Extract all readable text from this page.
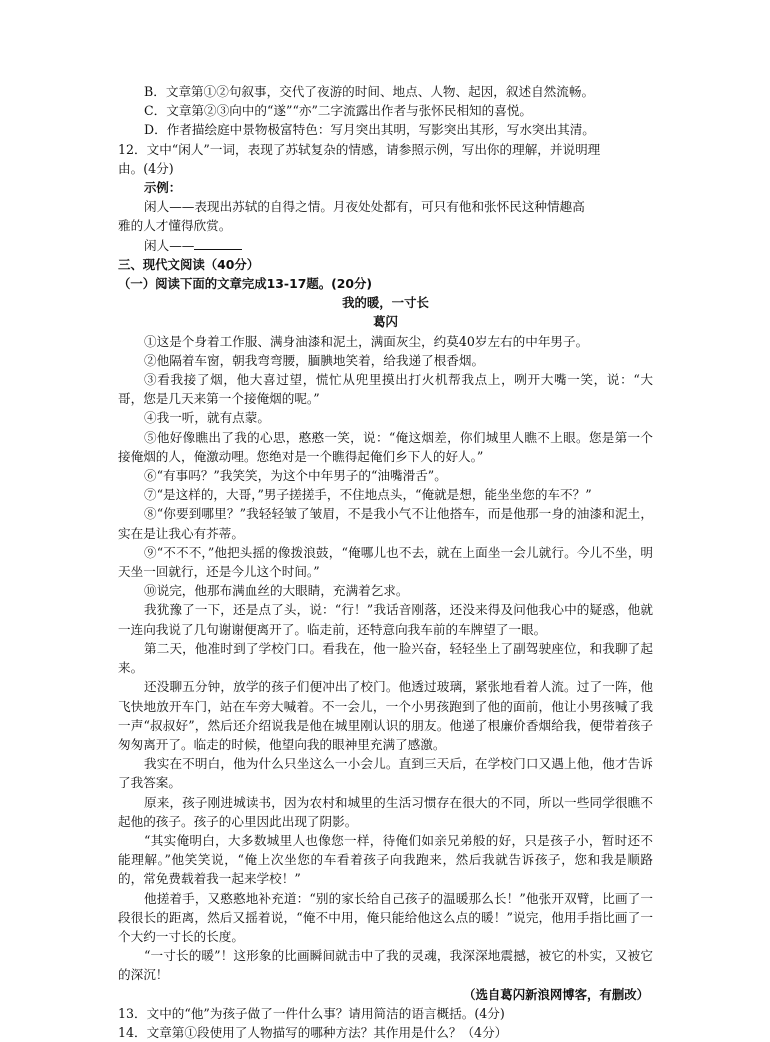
B．文章第①②句叙事，交代了夜游的时间、地点、人物、起因，叙述自然流畅。

C．文章第②③向中的“遂”“亦”二字流露出作者与张怀民相知的喜悦。

D．作者描绘庭中景物极富特色：写月突出其明，写影突出其形，写水突出其清。

12．文中“闲人”一词，表现了苏轼复杂的情感，请参照示例，写出你的理解，并说明理

由。(4分)

示例：

闲人——表现出苏轼的自得之情。月夜处处都有，可只有他和张怀民这种情趣高

雅的人才懂得欣赏。

闲人——

三、现代文阅读（40分）

（一）阅读下面的文章完成13-17题。(20分)

我的暖，一寸长

葛闪

①这是个身着工作服、满身油漆和泥土，满面灰尘，约莫40岁左右的中年男子。

②他隔着车窗，朝我弯弯腰，腼腆地笑着，给我递了根香烟。

③看我接了烟，他大喜过望，慌忙从兜里摸出打火机帮我点上，咧开大嘴一笑，说：“大哥，您是几天来第一个接俺烟的呢。”

④我一听，就有点蒙。

⑤他好像瞧出了我的心思，憨憨一笑，说：“俺这烟差，你们城里人瞧不上眼。您是第一个接俺烟的人，俺激动哩。您绝对是一个瞧得起俺们乡下人的好人。”

⑥“有事吗？”我笑笑，为这个中年男子的“油嘴滑舌”。

⑦“是这样的，大哥，”男子搓搓手，不住地点头，“俺就是想，能坐坐您的车不？”

⑧“你要到哪里？”我轻轻皱了皱眉，不是我小气不让他搭车，而是他那一身的油漆和泥土，实在是让我心有芥蒂。

⑨“不不不，”他把头摇的像拨浪鼓，“俺哪儿也不去，就在上面坐一会儿就行。今儿不坐，明天坐一回就行，还是今儿这个时间。”

⑩说完，他那布满血丝的大眼睛，充满着乞求。

我犹豫了一下，还是点了头，说：“行！”我话音刚落，还没来得及问他我心中的疑惑，他就一连向我说了几句谢谢便离开了。临走前，还特意向我车前的车牌望了一眼。

第二天，他准时到了学校门口。看我在，他一脸兴奋，轻轻坐上了副驾驶座位，和我聊了起来。

还没聊五分钟，放学的孩子们便冲出了校门。他透过玻璃，紧张地看着人流。过了一阵，他飞快地放开车门，站在车旁大喊着。不一会儿，一个小男孩跑到了他的面前，他让小男孩喊了我一声“叔叔好”，然后还介绍说我是他在城里刚认识的朋友。他递了根廉价香烟给我，便带着孩子匆匆离开了。临走的时候，他望向我的眼神里充满了感激。

我实在不明白，他为什么只坐这么一小会儿。直到三天后，在学校门口又遇上他，他才告诉了我答案。

原来，孩子刚进城读书，因为农村和城里的生活习惯存在很大的不同，所以一些同学很瞧不起他的孩子。孩子的心里因此出现了阴影。

“其实俺明白，大多数城里人也像您一样，待俺们如亲兄弟般的好，只是孩子小，暂时还不能理解。”他笑笑说，“俺上次坐您的车看着孩子向我跑来，然后我就告诉孩子，您和我是顺路的，常免费载着我一起来学校！”

他搓着手，又憨憨地补充道：“别的家长给自己孩子的温暖那么长！”他张开双臂，比画了一段很长的距离，然后又摇着说，“俺不中用，俺只能给他这么点的暖！”说完，他用手指比画了一个大约一寸长的长度。

“一寸长的暖”！这形象的比画瞬间就击中了我的灵魂，我深深地震撼，被它的朴实，又被它的深沉！

（选自葛闪新浪网博客，有删改）

13．文中的“他”为孩子做了一件什么事？请用简洁的语言概括。(4分)

14．文章第①段使用了人物描写的哪种方法？其作用是什么？（4分）
